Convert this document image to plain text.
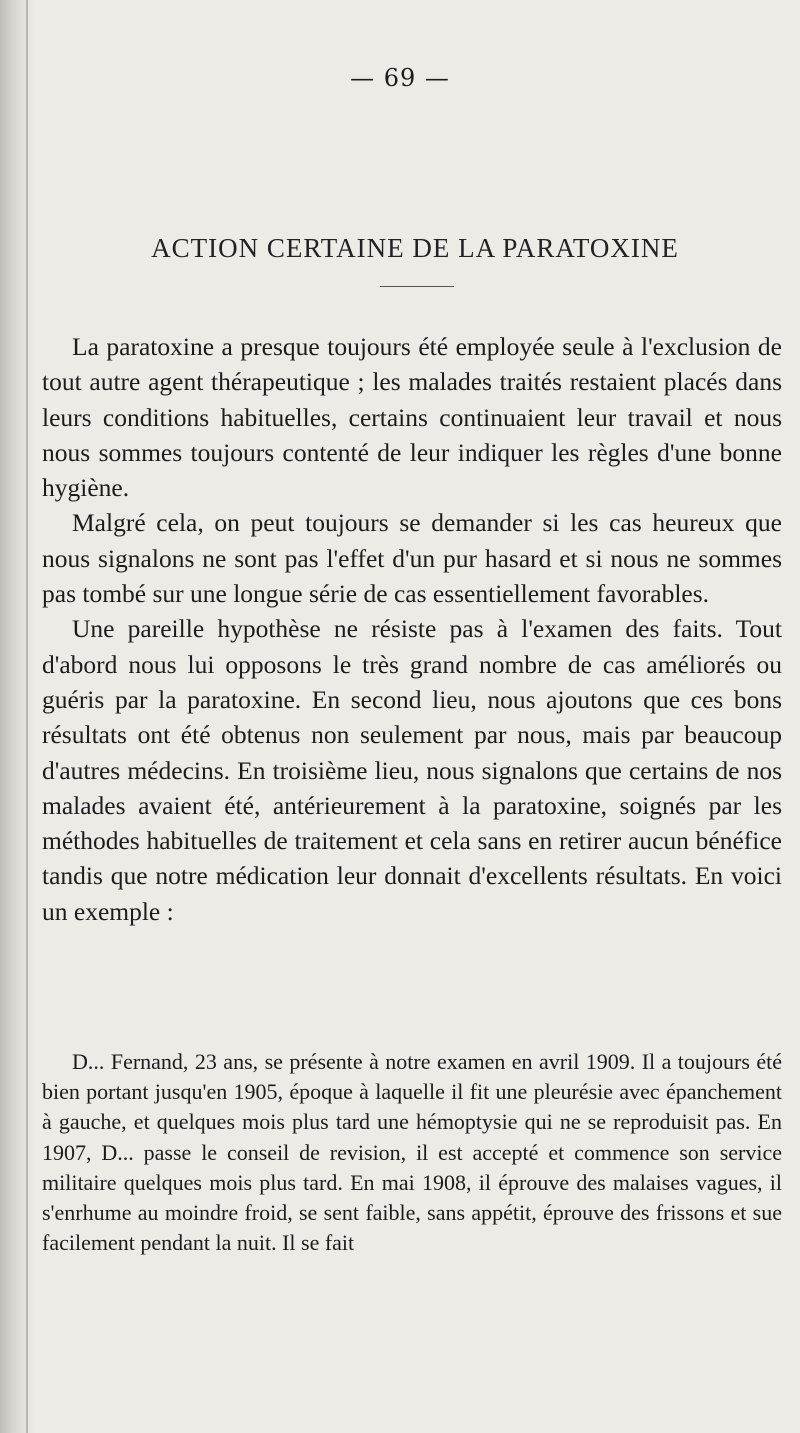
— 69 —
ACTION CERTAINE DE LA PARATOXINE

La paratoxine a presque toujours été employée seule à l'exclusion de tout autre agent thérapeutique ; les malades traités restaient placés dans leurs conditions habituelles, certains continuaient leur travail et nous nous sommes toujours contenté de leur indiquer les règles d'une bonne hygiène.

Malgré cela, on peut toujours se demander si les cas heureux que nous signalons ne sont pas l'effet d'un pur hasard et si nous ne sommes pas tombé sur une longue série de cas essentiellement favorables.

Une pareille hypothèse ne résiste pas à l'examen des faits. Tout d'abord nous lui opposons le très grand nombre de cas améliorés ou guéris par la paratoxine. En second lieu, nous ajoutons que ces bons résultats ont été obtenus non seulement par nous, mais par beaucoup d'autres médecins. En troisième lieu, nous signalons que certains de nos malades avaient été, antérieurement à la paratoxine, soignés par les méthodes habituelles de traitement et cela sans en retirer aucun bénéfice tandis que notre médication leur donnait d'excellents résultats. En voici un exemple :

D... Fernand, 23 ans, se présente à notre examen en avril 1909. Il a toujours été bien portant jusqu'en 1905, époque à laquelle il fit une pleurésie avec épanchement à gauche, et quelques mois plus tard une hémoptysie qui ne se reproduisit pas. En 1907, D... passe le conseil de revision, il est accepté et commence son service militaire quelques mois plus tard. En mai 1908, il éprouve des malaises vagues, il s'enrhume au moindre froid, se sent faible, sans appétit, éprouve des frissons et sue facilement pendant la nuit. Il se fait
